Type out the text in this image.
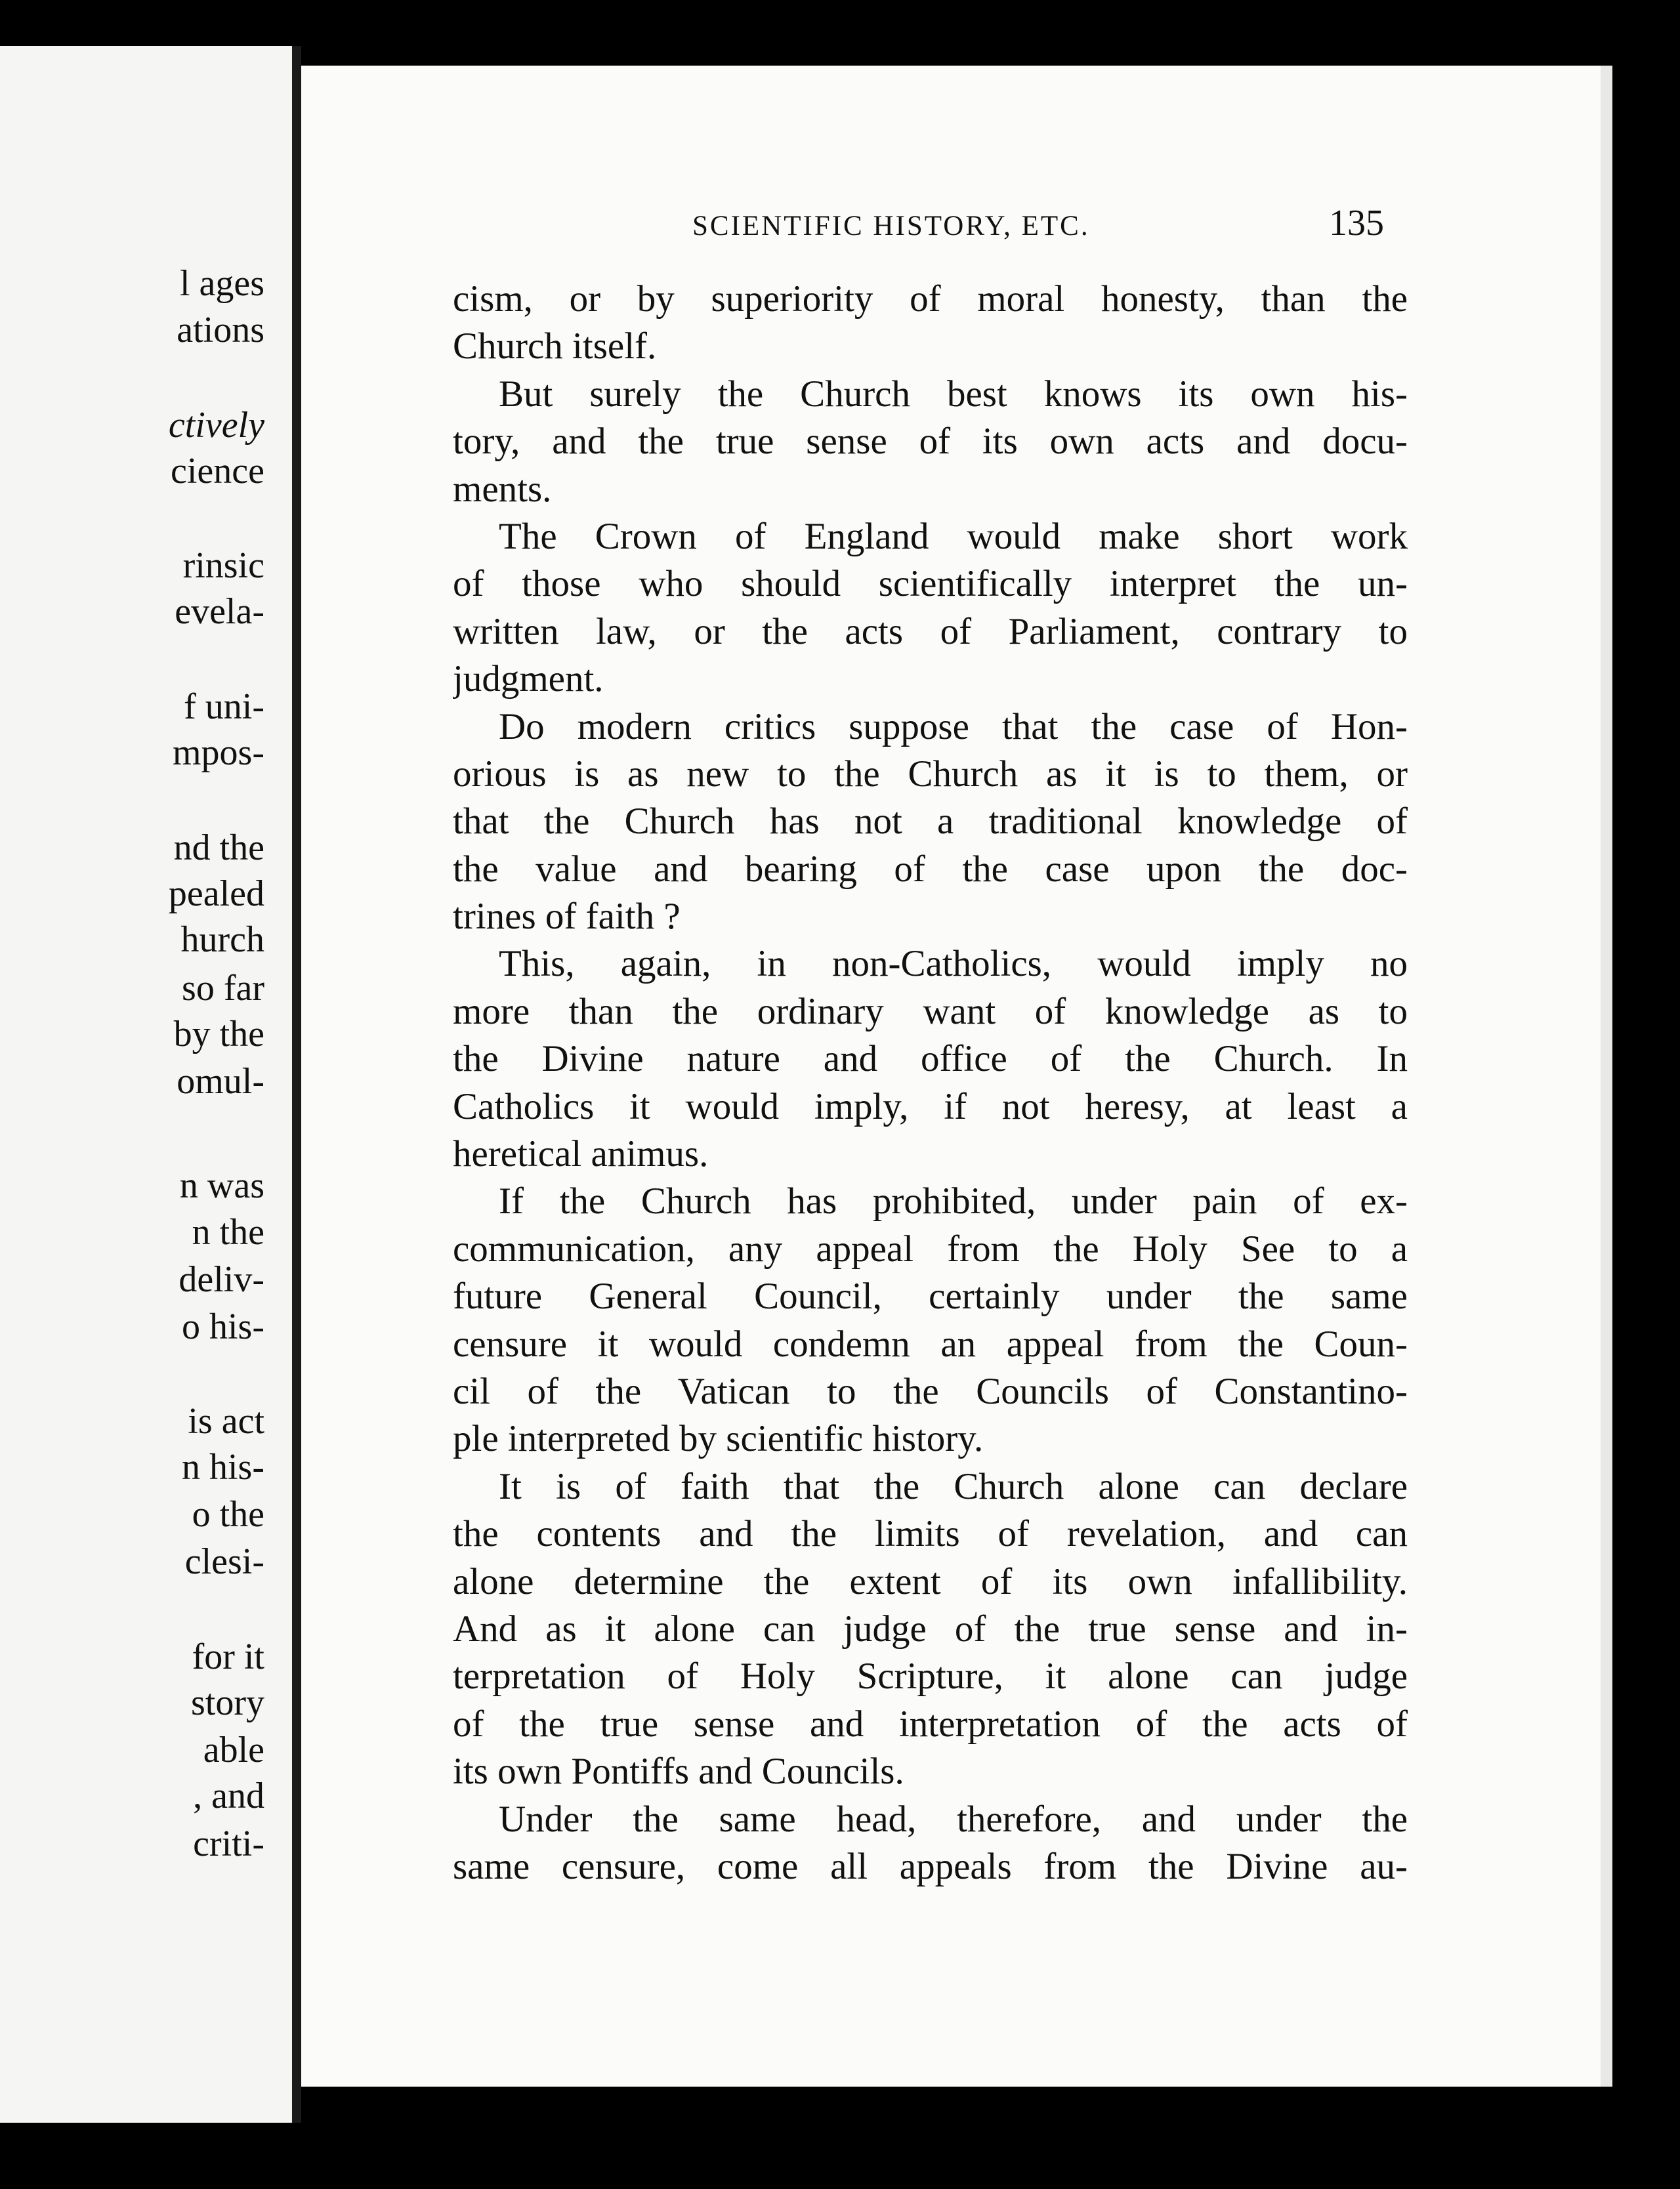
l ages
ations
ctively
cience
rinsic
evela-
f uni-
mpos-
nd the
pealed
hurch
so far
by the
omul-
n was
n the
deliv-
o his-
is act
n his-
o the
clesi-
for it
story
able
, and
criti-
SCIENTIFIC HISTORY, ETC.	135
cism, or by superiority of moral honesty, than the
Church itself.
But surely the Church best knows its own his-
tory, and the true sense of its own acts and docu-
ments.
The Crown of England would make short work
of those who should scientifically interpret the un-
written law, or the acts of Parliament, contrary to
judgment.
Do modern critics suppose that the case of Hon-
orious is as new to the Church as it is to them, or
that the Church has not a traditional knowledge of
the value and bearing of the case upon the doc-
trines of faith ?
This, again, in non-Catholics, would imply no
more than the ordinary want of knowledge as to
the Divine nature and office of the Church. In
Catholics it would imply, if not heresy, at least a
heretical animus.
If the Church has prohibited, under pain of ex-
communication, any appeal from the Holy See to a
future General Council, certainly under the same
censure it would condemn an appeal from the Coun-
cil of the Vatican to the Councils of Constantino-
ple interpreted by scientific history.
It is of faith that the Church alone can declare
the contents and the limits of revelation, and can
alone determine the extent of its own infallibility.
And as it alone can judge of the true sense and in-
terpretation of Holy Scripture, it alone can judge
of the true sense and interpretation of the acts of
its own Pontiffs and Councils.
Under the same head, therefore, and under the
same censure, come all appeals from the Divine au-
